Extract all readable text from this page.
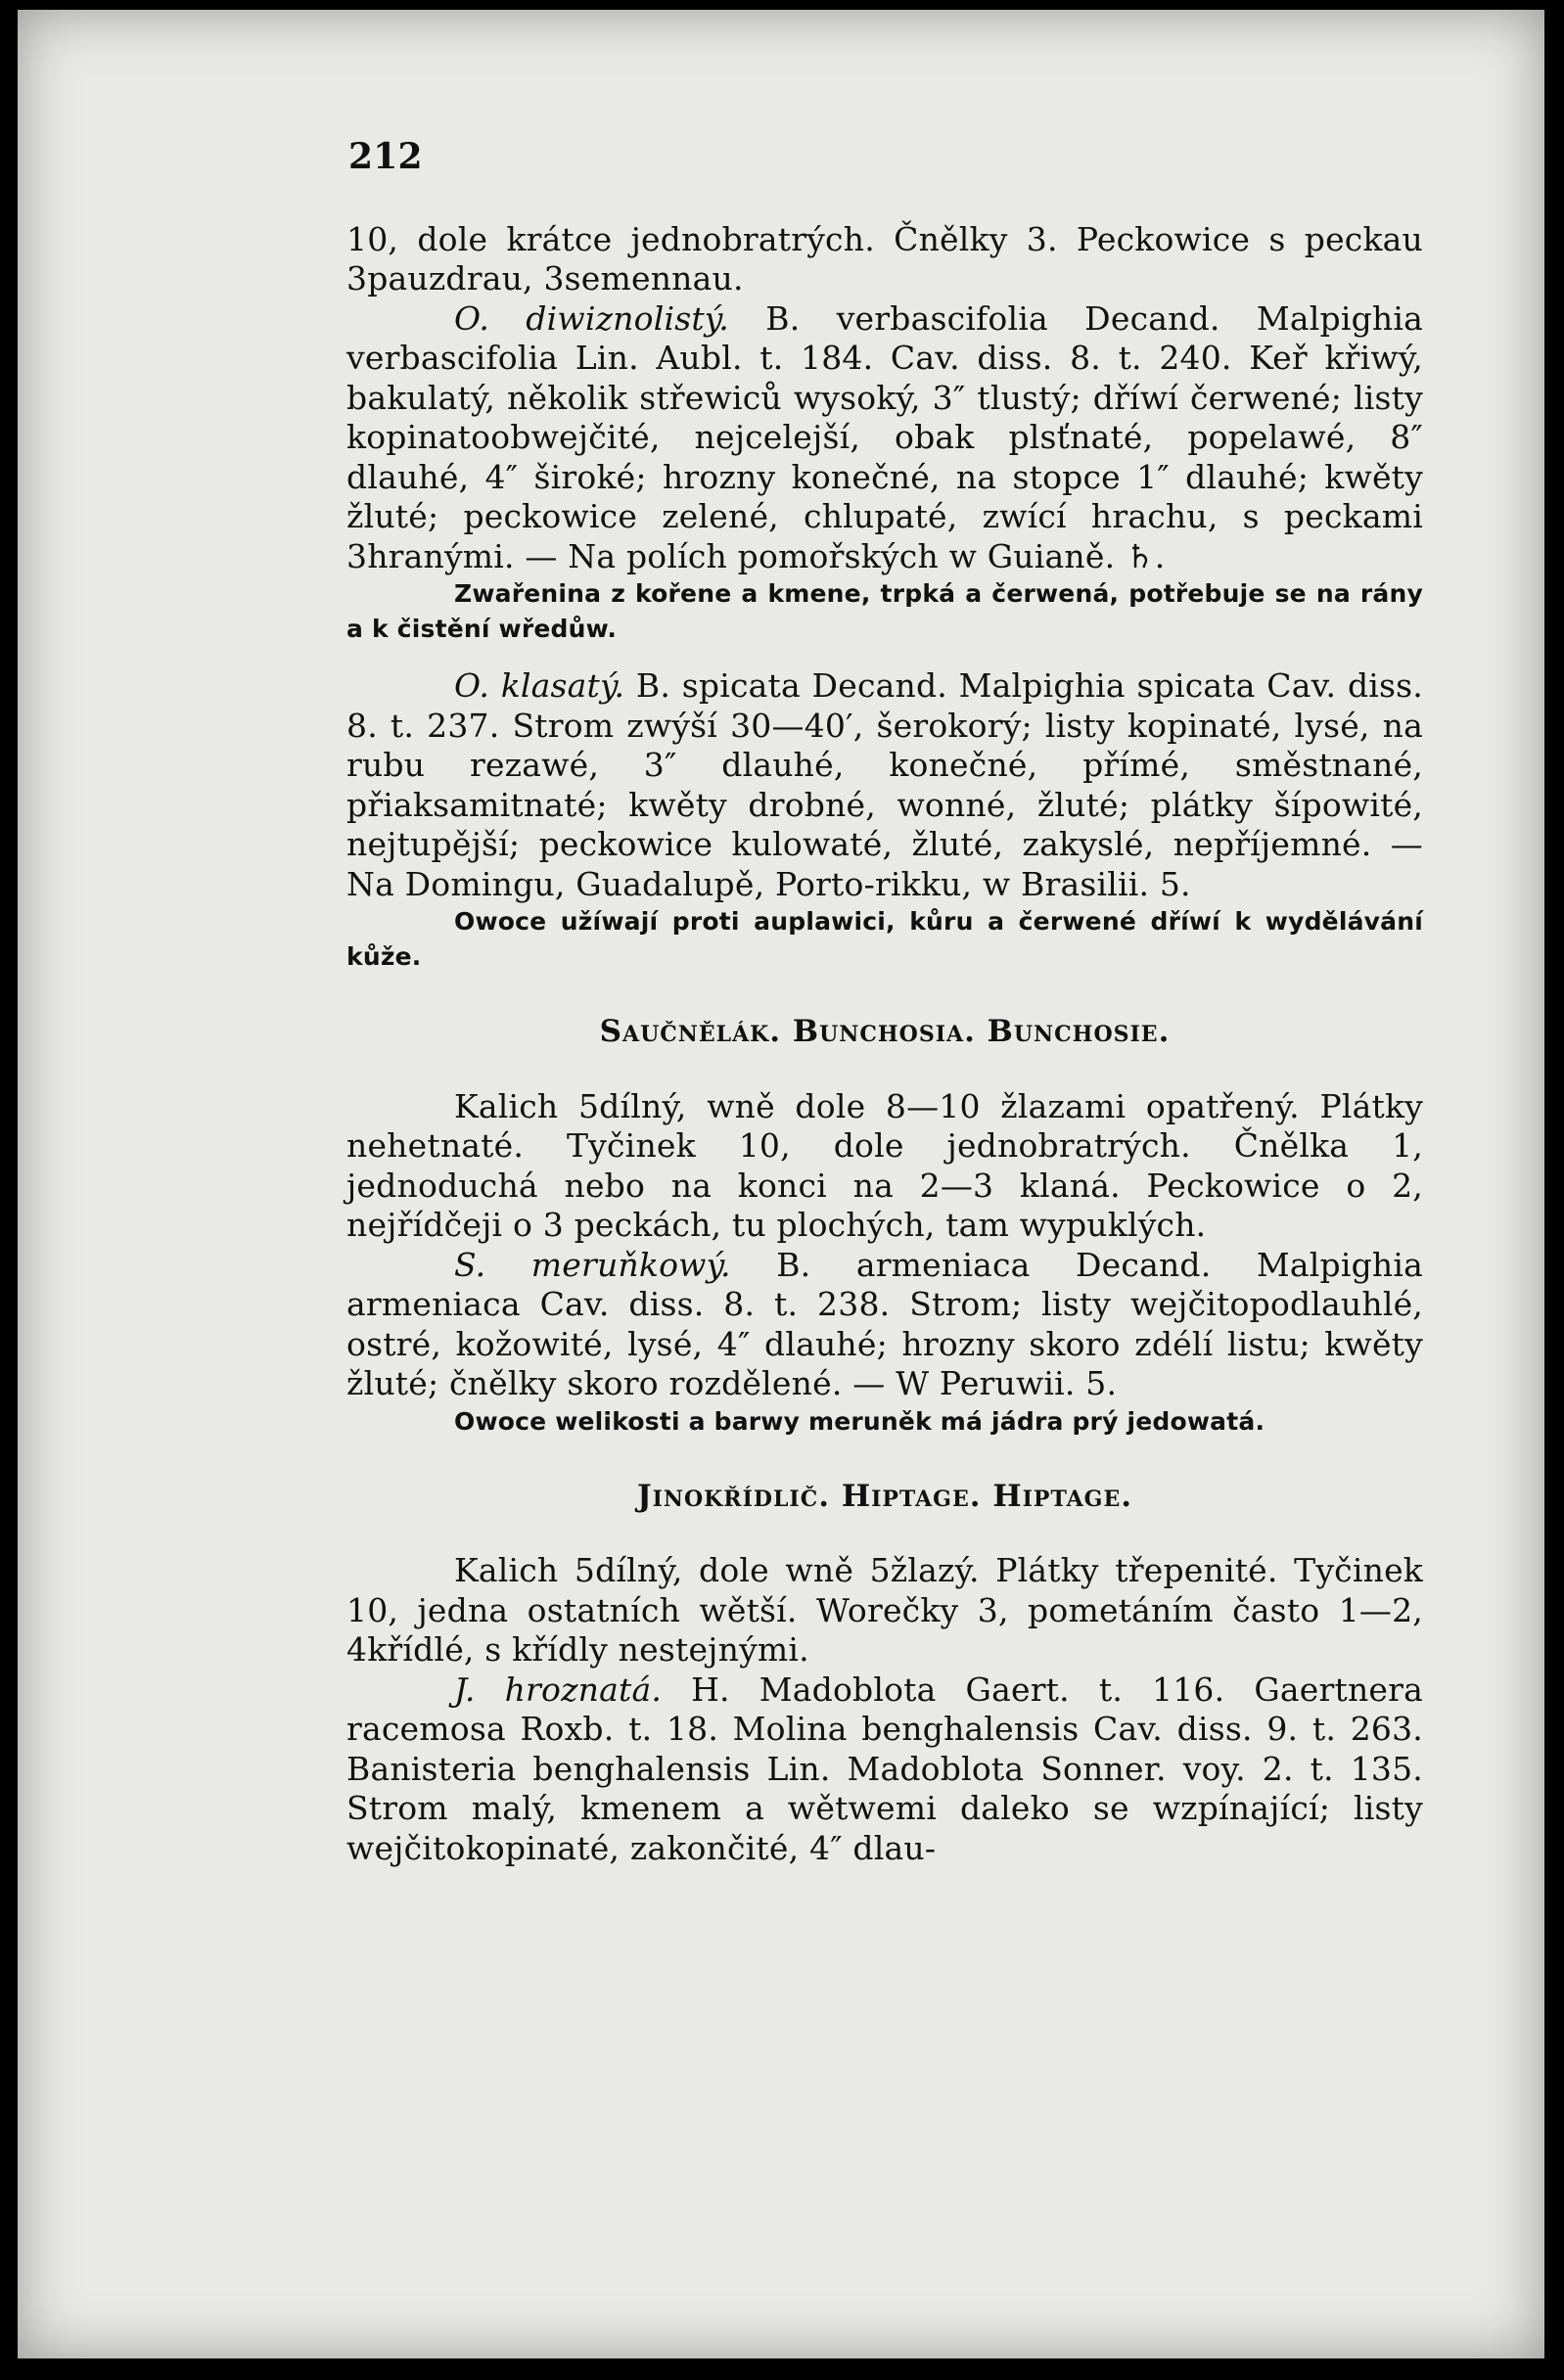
212

10, dole krátce jednobratrých. Čnělky 3. Peckowice s peckau 3pauzdrau, 3semennau.

O. diwiznolistý. B. verbascifolia Decand. Malpighia verbascifolia Lin. Aubl. t. 184. Cav. diss. 8. t. 240. Keř křiwý, bakulatý, několik střewiců wysoký, 3″ tlustý; dříwí čerwené; listy kopinatoobwejčité, nejcelejší, obak plsťnaté, popelawé, 8″ dlauhé, 4″ široké; hrozny konečné, na stopce 1″ dlauhé; kwěty žluté; peckowice zelené, chlupaté, zwící hrachu, s peckami 3hranými. — Na polích pomořských w Guianě. ♄.

Zwařenina z kořene a kmene, trpká a čerwená, potřebuje se na rány a k čistění wředůw.

O. klasatý. B. spicata Decand. Malpighia spicata Cav. diss. 8. t. 237. Strom zwýší 30—40′, šerokorý; listy kopinaté, lysé, na rubu rezawé, 3″ dlauhé, konečné, přímé, směstnané, přiaksamitnaté; kwěty drobné, wonné, žluté; plátky šípowité, nejtupější; peckowice kulowaté, žluté, zakyslé, nepříjemné. — Na Domingu, Guadalupě, Porto-rikku, w Brasilii. 5.

Owoce užíwají proti auplawici, kůru a čerwené dříwí k wydělávání kůže.

Saučnělák. Bunchosia. Bunchosie.

Kalich 5dílný, wně dole 8—10 žlazami opatřený. Plátky nehetnaté. Tyčinek 10, dole jednobratrých. Čnělka 1, jednoduchá nebo na konci na 2—3 klaná. Peckowice o 2, nejřídčeji o 3 peckách, tu plochých, tam wypuklých.

S. meruňkowý. B. armeniaca Decand. Malpighia armeniaca Cav. diss. 8. t. 238. Strom; listy wejčitopodlauhlé, ostré, kožowité, lysé, 4″ dlauhé; hrozny skoro zdélí listu; kwěty žluté; čnělky skoro rozdělené. — W Peruwii. 5.

Owoce welikosti a barwy meruněk má jádra prý jedowatá.

Jinokřídlič. Hiptage. Hiptage.

Kalich 5dílný, dole wně 5žlazý. Plátky třepenité. Tyčinek 10, jedna ostatních wětší. Worečky 3, pometáním často 1—2, 4křídlé, s křídly nestejnými.

J. hroznatá. H. Madoblota Gaert. t. 116. Gaertnera racemosa Roxb. t. 18. Molina benghalensis Cav. diss. 9. t. 263. Banisteria benghalensis Lin. Madoblota Sonner. voy. 2. t. 135. Strom malý, kmenem a wětwemi daleko se wzpínající; listy wejčitokopinaté, zakončité, 4″ dlau-
